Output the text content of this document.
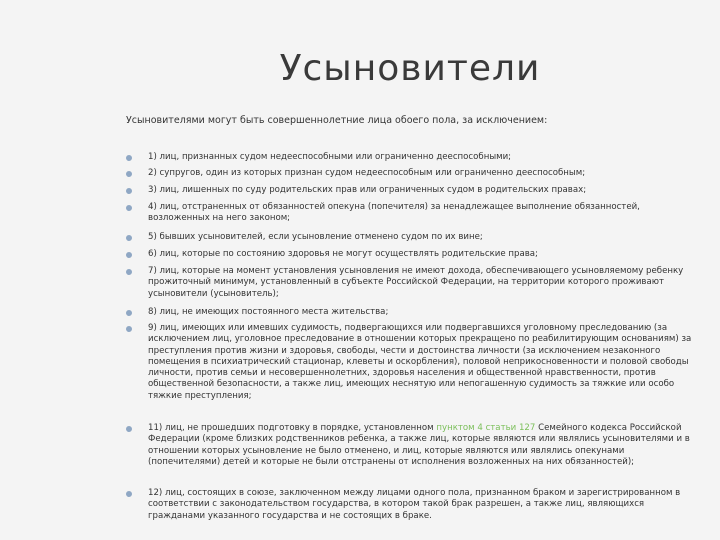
Усыновители

Усыновителями могут быть совершеннолетние лица обоего пола, за исключением:

1) лиц, признанных судом недееспособными или ограниченно дееспособными;

2) супругов, один из которых признан судом недееспособным или ограниченно дееспособным;

3) лиц, лишенных по суду родительских прав или ограниченных судом в родительских правах;

4) лиц, отстраненных от обязанностей опекуна (попечителя) за ненадлежащее выполнение обязанностей, возложенных на него законом;

5) бывших усыновителей, если усыновление отменено судом по их вине;

6) лиц, которые по состоянию здоровья не могут осуществлять родительские права;

7) лиц, которые на момент установления усыновления не имеют дохода, обеспечивающего усыновляемому ребенку прожиточный минимум, установленный в субъекте Российской Федерации, на территории которого проживают усыновители (усыновитель);

8) лиц, не имеющих постоянного места жительства;

9) лиц, имеющих или имевших судимость, подвергающихся или подвергавшихся уголовному преследованию (за исключением лиц, уголовное преследование в отношении которых прекращено по реабилитирующим основаниям) за преступления против жизни и здоровья, свободы, чести и достоинства личности (за исключением незаконного помещения в психиатрический стационар, клеветы и оскорбления), половой неприкосновенности и половой свободы личности, против семьи и несовершеннолетних, здоровья населения и общественной нравственности, против общественной безопасности, а также лиц, имеющих неснятую или непогашенную судимость за тяжкие или особо тяжкие преступления;

11) лиц, не прошедших подготовку в порядке, установленном пунктом 4 статьи 127 Семейного кодекса Российской Федерации (кроме близких родственников ребенка, а также лиц, которые являются или являлись усыновителями и в отношении которых усыновление не было отменено, и лиц, которые являются или являлись опекунами (попечителями) детей и которые не были отстранены от исполнения возложенных на них обязанностей);

12) лиц, состоящих в союзе, заключенном между лицами одного пола, признанном браком и зарегистрированном в соответствии с законодательством государства, в котором такой брак разрешен, а также лиц, являющихся гражданами указанного государства и не состоящих в браке.
